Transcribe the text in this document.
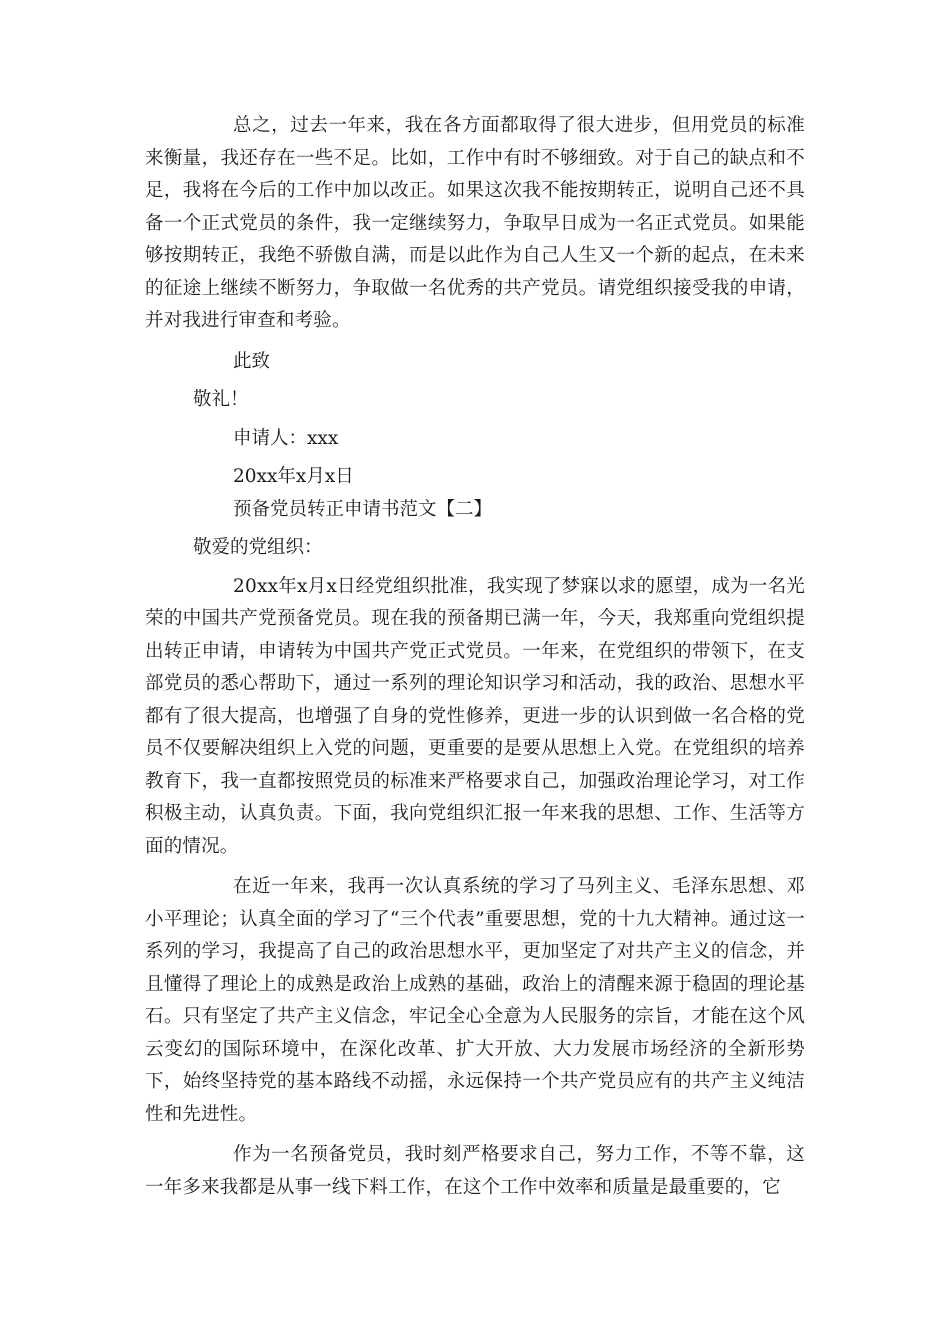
总之，过去一年来，我在各方面都取得了很大进步，但用党员的标准来衡量，我还存在一些不足。比如，工作中有时不够细致。对于自己的缺点和不足，我将在今后的工作中加以改正。如果这次我不能按期转正，说明自己还不具备一个正式党员的条件，我一定继续努力，争取早日成为一名正式党员。如果能够按期转正，我绝不骄傲自满，而是以此作为自己人生又一个新的起点，在未来的征途上继续不断努力，争取做一名优秀的共产党员。请党组织接受我的申请，并对我进行审查和考验。

此致

敬礼！

申请人：xxx

20xx年x月x日

预备党员转正申请书范文【二】

敬爱的党组织：

20xx年x月x日经党组织批准，我实现了梦寐以求的愿望，成为一名光荣的中国共产党预备党员。现在我的预备期已满一年，今天，我郑重向党组织提出转正申请，申请转为中国共产党正式党员。一年来，在党组织的带领下，在支部党员的悉心帮助下，通过一系列的理论知识学习和活动，我的政治、思想水平都有了很大提高，也增强了自身的党性修养，更进一步的认识到做一名合格的党员不仅要解决组织上入党的问题，更重要的是要从思想上入党。在党组织的培养教育下，我一直都按照党员的标准来严格要求自己，加强政治理论学习，对工作积极主动，认真负责。下面，我向党组织汇报一年来我的思想、工作、生活等方面的情况。

在近一年来，我再一次认真系统的学习了马列主义、毛泽东思想、邓小平理论；认真全面的学习了“三个代表”重要思想，党的十九大精神。通过这一系列的学习，我提高了自己的政治思想水平，更加坚定了对共产主义的信念，并且懂得了理论上的成熟是政治上成熟的基础，政治上的清醒来源于稳固的理论基石。只有坚定了共产主义信念，牢记全心全意为人民服务的宗旨，才能在这个风云变幻的国际环境中，在深化改革、扩大开放、大力发展市场经济的全新形势下，始终坚持党的基本路线不动摇，永远保持一个共产党员应有的共产主义纯洁性和先进性。

作为一名预备党员，我时刻严格要求自己，努力工作，不等不靠，这一年多来我都是从事一线下料工作，在这个工作中效率和质量是最重要的，它
